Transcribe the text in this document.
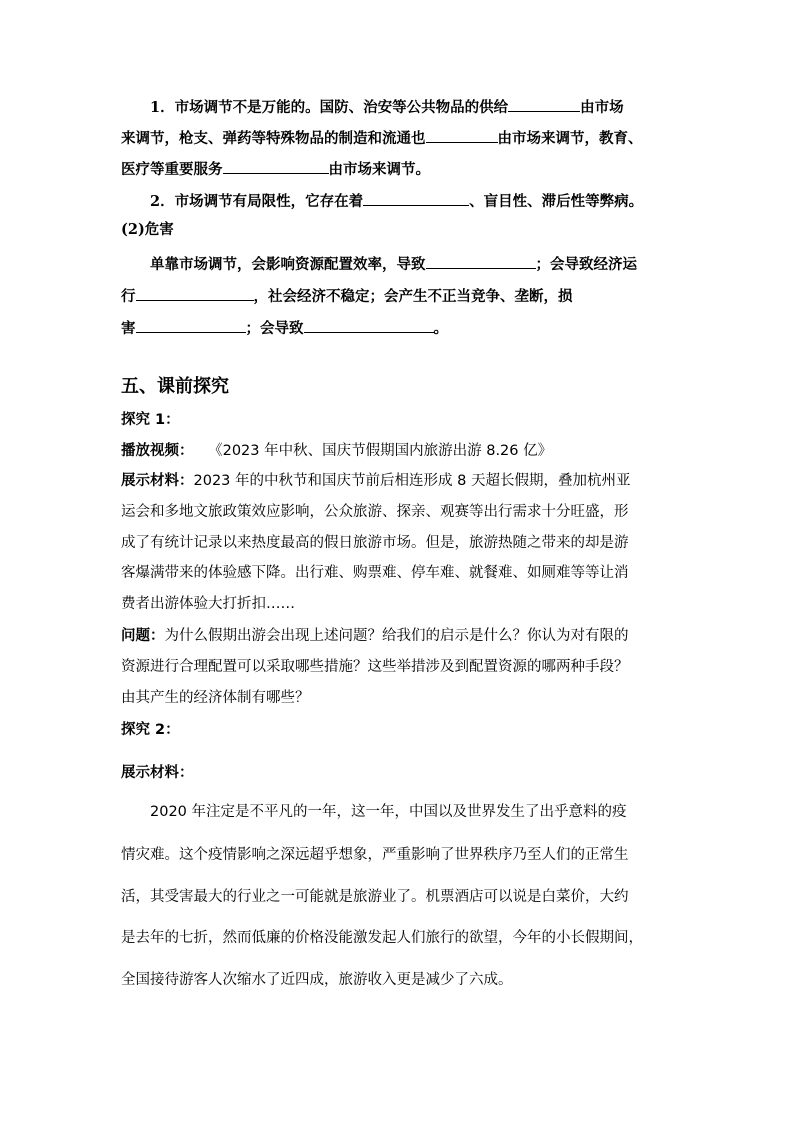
1．市场调节不是万能的。国防、治安等公共物品的供给	由市场
来调节，枪支、弹药等特殊物品的制造和流通也	由市场来调节，教育、
医疗等重要服务	由市场来调节。
2．市场调节有局限性，它存在着	、盲目性、滞后性等弊病。
(2)危害
单靠市场调节，会影响资源配置效率，导致	；会导致经济运
行	，社会经济不稳定；会产生不正当竞争、垄断，损
害	；会导致	。
五、课前探究
探究 1：
播放视频： 《2023 年中秋、国庆节假期国内旅游出游 8.26 亿》
展示材料：2023 年的中秋节和国庆节前后相连形成 8 天超长假期，叠加杭州亚
运会和多地文旅政策效应影响，公众旅游、探亲、观赛等出行需求十分旺盛，形
成了有统计记录以来热度最高的假日旅游市场。但是，旅游热随之带来的却是游
客爆满带来的体验感下降。出行难、购票难、停车难、就餐难、如厕难等等让消
费者出游体验大打折扣……
问题：为什么假期出游会出现上述问题？给我们的启示是什么？你认为对有限的
资源进行合理配置可以采取哪些措施？这些举措涉及到配置资源的哪两种手段？
由其产生的经济体制有哪些？
探究 2：
展示材料：
2020 年注定是不平凡的一年，这一年，中国以及世界发生了出乎意料的疫
情灾难。这个疫情影响之深远超乎想象，严重影响了世界秩序乃至人们的正常生
活，其受害最大的行业之一可能就是旅游业了。机票酒店可以说是白菜价，大约
是去年的七折，然而低廉的价格没能激发起人们旅行的欲望，今年的小长假期间，
全国接待游客人次缩水了近四成，旅游收入更是减少了六成。
